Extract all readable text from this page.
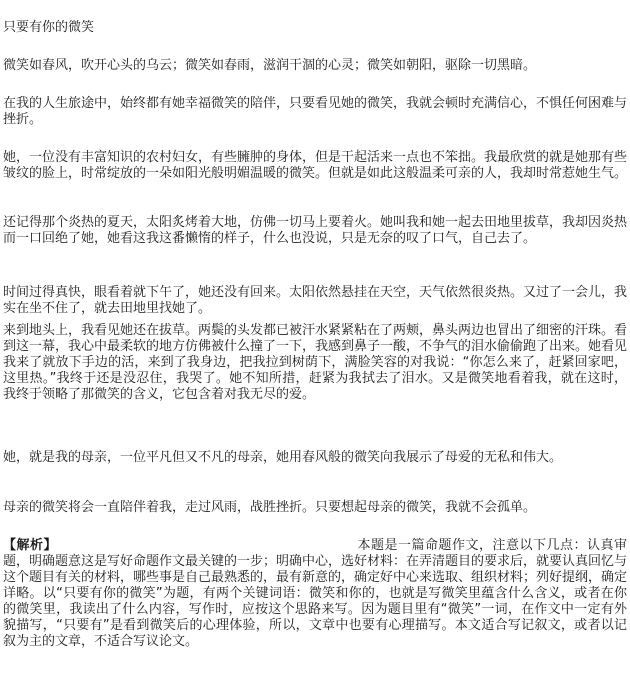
只要有你的微笑
微笑如春风，吹开心头的乌云；微笑如春雨，滋润干涸的心灵；微笑如朝阳，驱除一切黑暗。
在我的人生旅途中，始终都有她幸福微笑的陪伴，只要看见她的微笑，我就会顿时充满信心，不惧任何困难与挫折。
她，一位没有丰富知识的农村妇女，有些臃肿的身体，但是干起活来一点也不笨拙。我最欣赏的就是她那有些皱纹的脸上，时常绽放的一朵如阳光般明媚温暖的微笑。但就是如此这般温柔可亲的人，我却时常惹她生气。
还记得那个炎热的夏天，太阳炙烤着大地，仿佛一切马上要着火。她叫我和她一起去田地里拔草，我却因炎热而一口回绝了她，她看这我这番懒惰的样子，什么也没说，只是无奈的叹了口气，自己去了。
时间过得真快，眼看着就下午了，她还没有回来。太阳依然悬挂在天空，天气依然很炎热。又过了一会儿，我实在坐不住了，就去田地里找她了。
来到地头上，我看见她还在拔草。两鬓的头发都已被汗水紧紧粘在了两颊，鼻头两边也冒出了细密的汗珠。看到这一幕，我心中最柔软的地方仿佛被什么撞了一下，我感到鼻子一酸，不争气的泪水偷偷跑了出来。她看见我来了就放下手边的活，来到了我身边，把我拉到树荫下，满脸笑容的对我说：“你怎么来了，赶紧回家吧，这里热。”我终于还是没忍住，我哭了。她不知所措，赶紧为我拭去了泪水。又是微笑地看着我，就在这时，我终于领略了那微笑的含义，它包含着对我无尽的爱。
她，就是我的母亲，一位平凡但又不凡的母亲，她用春风般的微笑向我展示了母爱的无私和伟大。
母亲的微笑将会一直陪伴着我，走过风雨，战胜挫折。只要想起母亲的微笑，我就不会孤单。
【解析】	本题是一篇命题作文，注意以下几点：认真审题，明确题意这是写好命题作文最关键的一步；明确中心，选好材料：在弄清题目的要求后，就要认真回忆与这个题目有关的材料，哪些事是自己最熟悉的，最有新意的，确定好中心来选取、组织材料；列好提纲，确定详略。以“只要有你的微笑”为题，有两个关键词语：微笑和你的，也就是写微笑里蕴含什么含义，或者在你的微笑里，我读出了什么内容，写作时，应按这个思路来写。因为题目里有“微笑”一词，在作文中一定有外貌描写，“只要有”是看到微笑后的心理体验，所以，文章中也要有心理描写。本文适合写记叙文，或者以记叙为主的文章，不适合写议论文。
